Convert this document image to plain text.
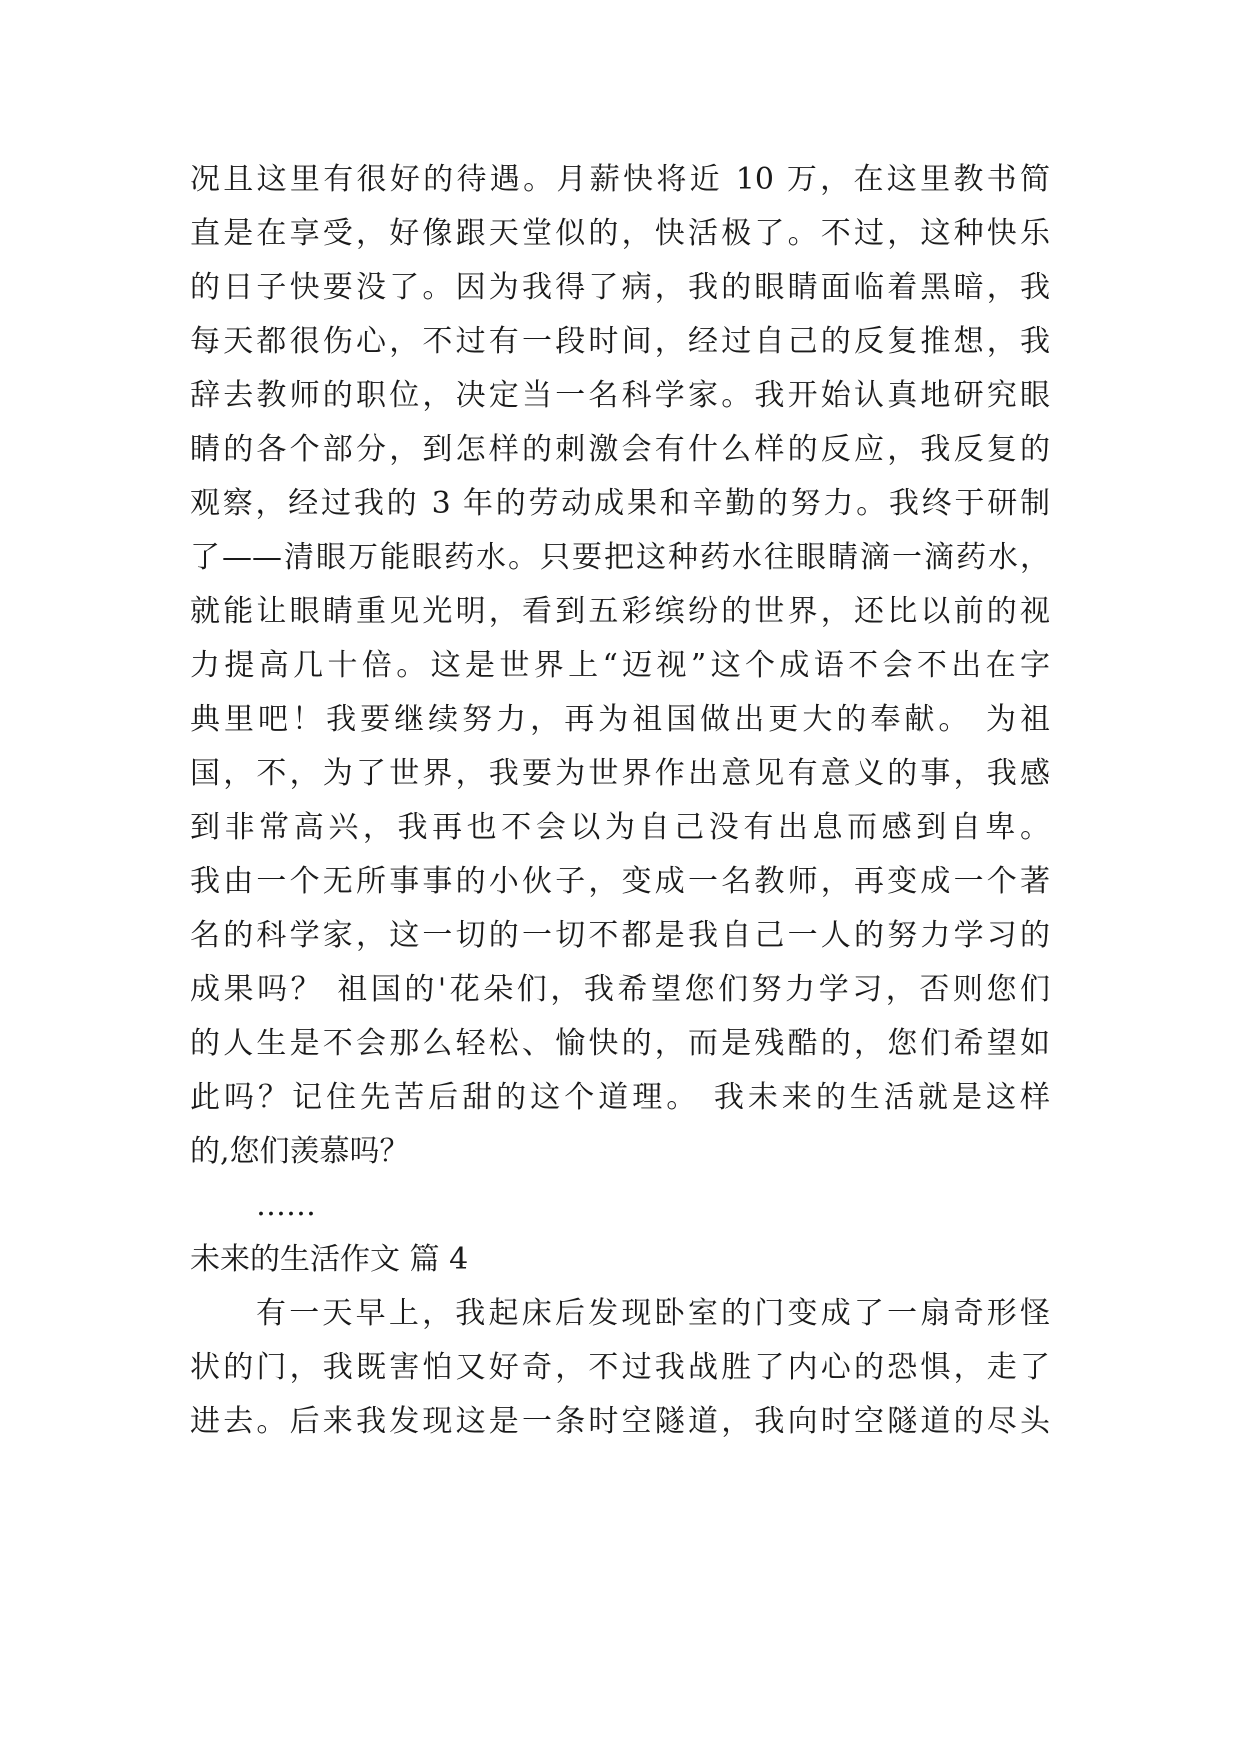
况且这里有很好的待遇。月薪快将近 10 万，在这里教书简
直是在享受，好像跟天堂似的，快活极了。不过，这种快乐
的日子快要没了。因为我得了病，我的眼睛面临着黑暗，我
每天都很伤心，不过有一段时间，经过自己的反复推想，我
辞去教师的职位，决定当一名科学家。我开始认真地研究眼
睛的各个部分，到怎样的刺激会有什么样的反应，我反复的
观察，经过我的 3 年的劳动成果和辛勤的努力。我终于研制
了——清眼万能眼药水。只要把这种药水往眼睛滴一滴药水，
就能让眼睛重见光明，看到五彩缤纷的世界，还比以前的视
力提高几十倍。这是世界上“迈视”这个成语不会不出在字
典里吧！我要继续努力，再为祖国做出更大的奉献。 为祖
国，不，为了世界，我要为世界作出意见有意义的事，我感
到非常高兴，我再也不会以为自己没有出息而感到自卑。
我由一个无所事事的小伙子，变成一名教师，再变成一个著
名的科学家，这一切的一切不都是我自己一人的努力学习的
成果吗？ 祖国的'花朵们，我希望您们努力学习，否则您们
的人生是不会那么轻松、愉快的，而是残酷的，您们希望如
此吗？记住先苦后甜的这个道理。 我未来的生活就是这样
的,您们羡慕吗？
……
未来的生活作文 篇 4
有一天早上，我起床后发现卧室的门变成了一扇奇形怪
状的门，我既害怕又好奇，不过我战胜了内心的恐惧，走了
进去。后来我发现这是一条时空隧道，我向时空隧道的尽头
